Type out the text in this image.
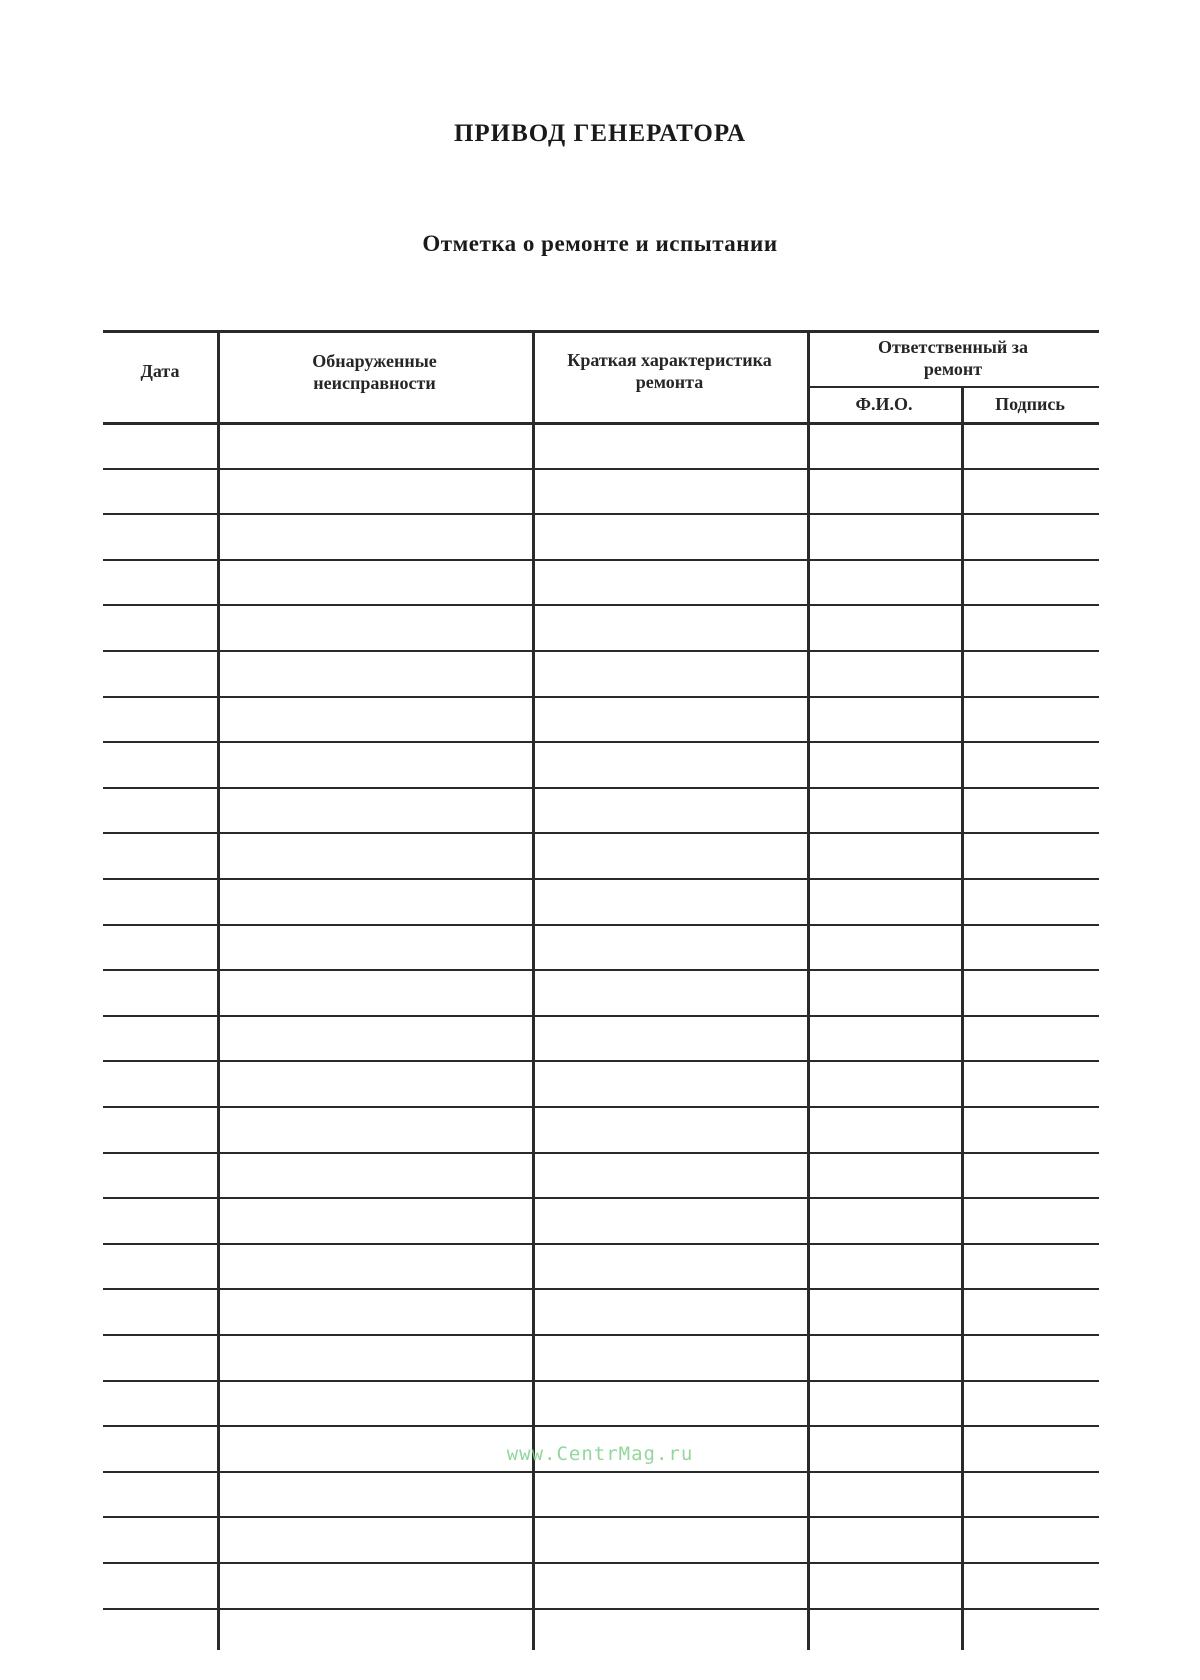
ПРИВОД ГЕНЕРАТОРА
Отметка о ремонте и испытании
Дата	Обнаруженные
неисправности
Краткая характеристика
ремонта
Ответственный за
ремонт
Ф.И.О.	Подпись
www.CentrMag.ru
